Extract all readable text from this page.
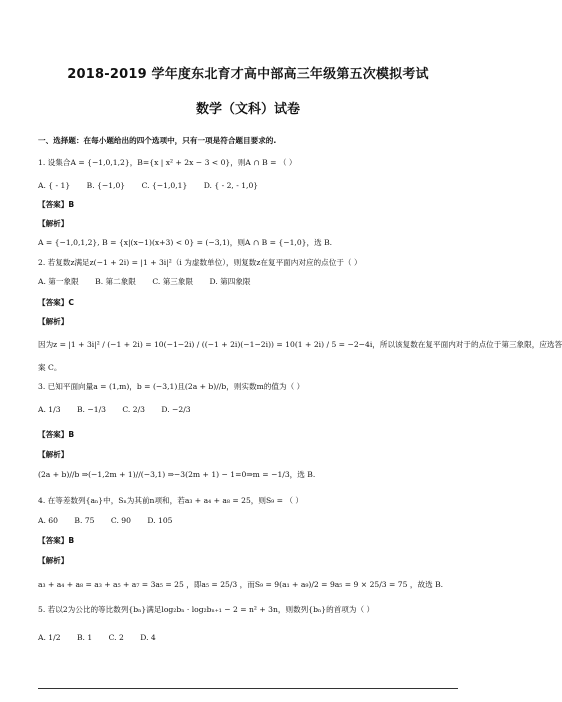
2018-2019 学年度东北育才高中部高三年级第五次模拟考试
数学（文科）试卷
一、选择题：在每小题给出的四个选项中，只有一项是符合题目要求的.
1. 设集合A = {−1,0,1,2}，B={x | x² + 2x − 3 < 0}，则A ∩ B = （ ）
A. { - 1} B. {−1,0} C. {−1,0,1} D. { - 2, - 1,0}
【答案】B
【解析】
A = {−1,0,1,2}, B = {x|(x−1)(x+3) < 0} = (−3,1)，则A ∩ B = {−1,0}，选 B.
2. 若复数z满足z(−1 + 2i) = |1 + 3i|²（i 为虚数单位），则复数z在复平面内对应的点位于（ ）
A. 第一象限 B. 第二象限 C. 第三象限 D. 第四象限
【答案】C
【解析】
因为z = |1 + 3i|² / (−1 + 2i) = 10(−1−2i) / ((−1 + 2i)(−1−2i)) = 10(1 + 2i) / 5 = −2−4i，所以该复数在复平面内对于的点位于第三象限，应选答
案 C。
3. 已知平面向量a = (1,m)，b = (−3,1)且(2a + b)//b，则实数m的值为（ ）
A. 1/3 B. −1/3 C. 2/3 D. −2/3
【答案】B
【解析】
(2a + b)//b ⇒(−1,2m + 1)//(−3,1) ⇒−3(2m + 1) − 1=0⇒m = −1/3，选 B.
4. 在等差数列{aₙ}中，Sₙ为其前n项和，若a₃ + a₄ + a₈ = 25，则S₉ = （ ）
A. 60 B. 75 C. 90 D. 105
【答案】B
【解析】
a₃ + a₄ + a₈ = a₃ + a₅ + a₇ = 3a₅ = 25 ，即a₅ = 25/3 ，而S₉ = 9(a₁ + a₉)/2 = 9a₅ = 9 × 25/3 = 75 ，故选 B.
5. 若以2为公比的等比数列{bₙ}满足log₂bₙ · log₂bₙ₊₁ − 2 = n² + 3n，则数列{bₙ}的首项为（ ）
A. 1/2 B. 1 C. 2 D. 4
